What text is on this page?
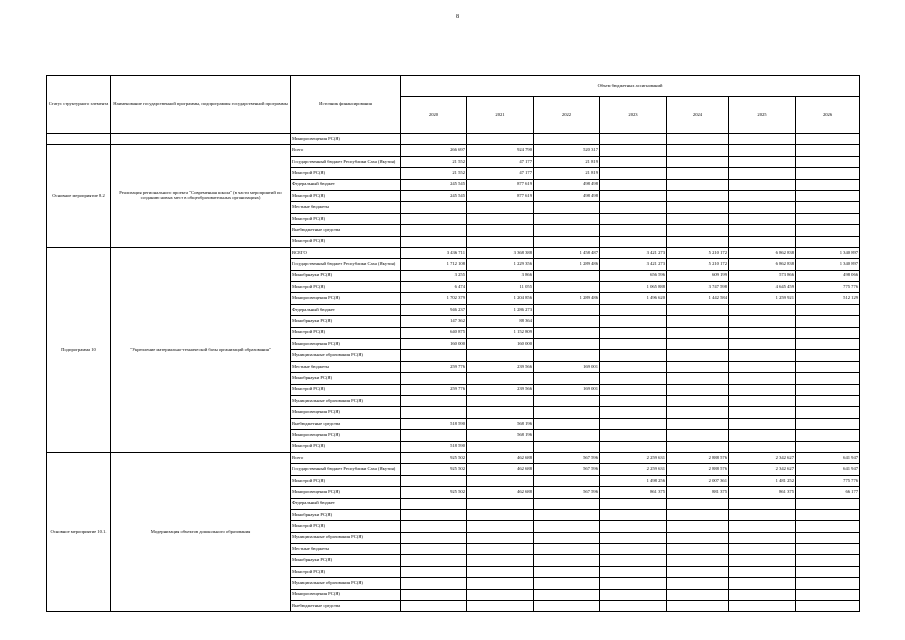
8
Статус структурного элемента	Наименование государственной программы, подпрограммы государственной программы	Источник финансирования	Объем бюджетных ассигнований						
			2020	2021	2022	2023	2024	2025	2026
		Минпросвещения РС(Я)							
Основное мероприятие 8.2	Реализация регионального проекта "Современная школа" (в части мероприятий по созданию новых мест в общеобразовательных организациях)	Всего	266 697	924 790	520 317				
		Государственный бюджет Республики Саха (Якутия)	21 552	47 177	21 819				
		Минстрой РС(Я)	21 552	47 177	21 819				
		Федеральный бюджет	245 545	877 619	498 498				
		Минстрой РС(Я)	245 545	877 619	498 498				
		Местные бюджеты							
		Минстрой РС(Я)							
		Внебюджетные средства							
		Минстрой РС(Я)							
Подпрограмма 10	"Укрепление материально-технической базы организаций образования"	ВСЕГО	3 436 711	3 368 388	1 458 487	3 421 273	5 210 172	6 862 838	1 340 897
		Государственный бюджет Республики Саха (Якутия)	1 712 108	1 229 356	1 289 486	3 421 273	5 210 172	6 862 838	1 340 897
		Минобрнауки РС(Я)	3 255	3 866		656 596	609 199	573 866	498 066
		Минстрой РС(Я)	6 474	11 055		1 065 888	3 747 598	4 645 459	775 776
		Минпросвещения РС(Я)	1 702 379	1 204 856	1 289 486	1 496 620	1 442 584	1 259 921	512 129
		Федеральный бюджет	946 237	1 286 273					
		Минобрнауки РС(Я)	147 362	88 364					
		Минстрой РС(Я)	640 875	1 152 809					
		Минпросвещения РС(Я)	160 000	160 000					
		Муниципальные образования РС(Я)							
		Местные бюджеты	259 776	239 566	169 001				
		Минобрнауки РС(Я)							
		Минстрой РС(Я)	259 776	239 566	169 001				
		Муниципальные образования РС(Я)							
		Минпросвещения РС(Я)							
		Внебюджетные средства	518 590	568 196					
		Минпросвещения РС(Я)		568 196					
		Минстрой РС(Я)	518 590						
Основное мероприятие 10.1.	Модернизация объектов дошкольного образования	Всего	925 502	462 688	567 596	2 259 631	2 888 576	2 342 627	641 947
		Государственный бюджет Республики Саха (Якутия)	925 502	462 688	567 596	2 259 631	2 888 576	2 342 627	641 947
		Минстрой РС(Я)				1 498 256	2 007 361	1 481 252	775 776
		Минпросвещения РС(Я)	925 502	462 688	567 596	861 375	881 375	861 375	66 177
		Федеральный бюджет							
		Минобрнауки РС(Я)							
		Минстрой РС(Я)							
		Муниципальные образования РС(Я)							
		Местные бюджеты							
		Минобрнауки РС(Я)							
		Минстрой РС(Я)							
		Муниципальные образования РС(Я)							
		Минпросвещения РС(Я)							
		Внебюджетные средства							
